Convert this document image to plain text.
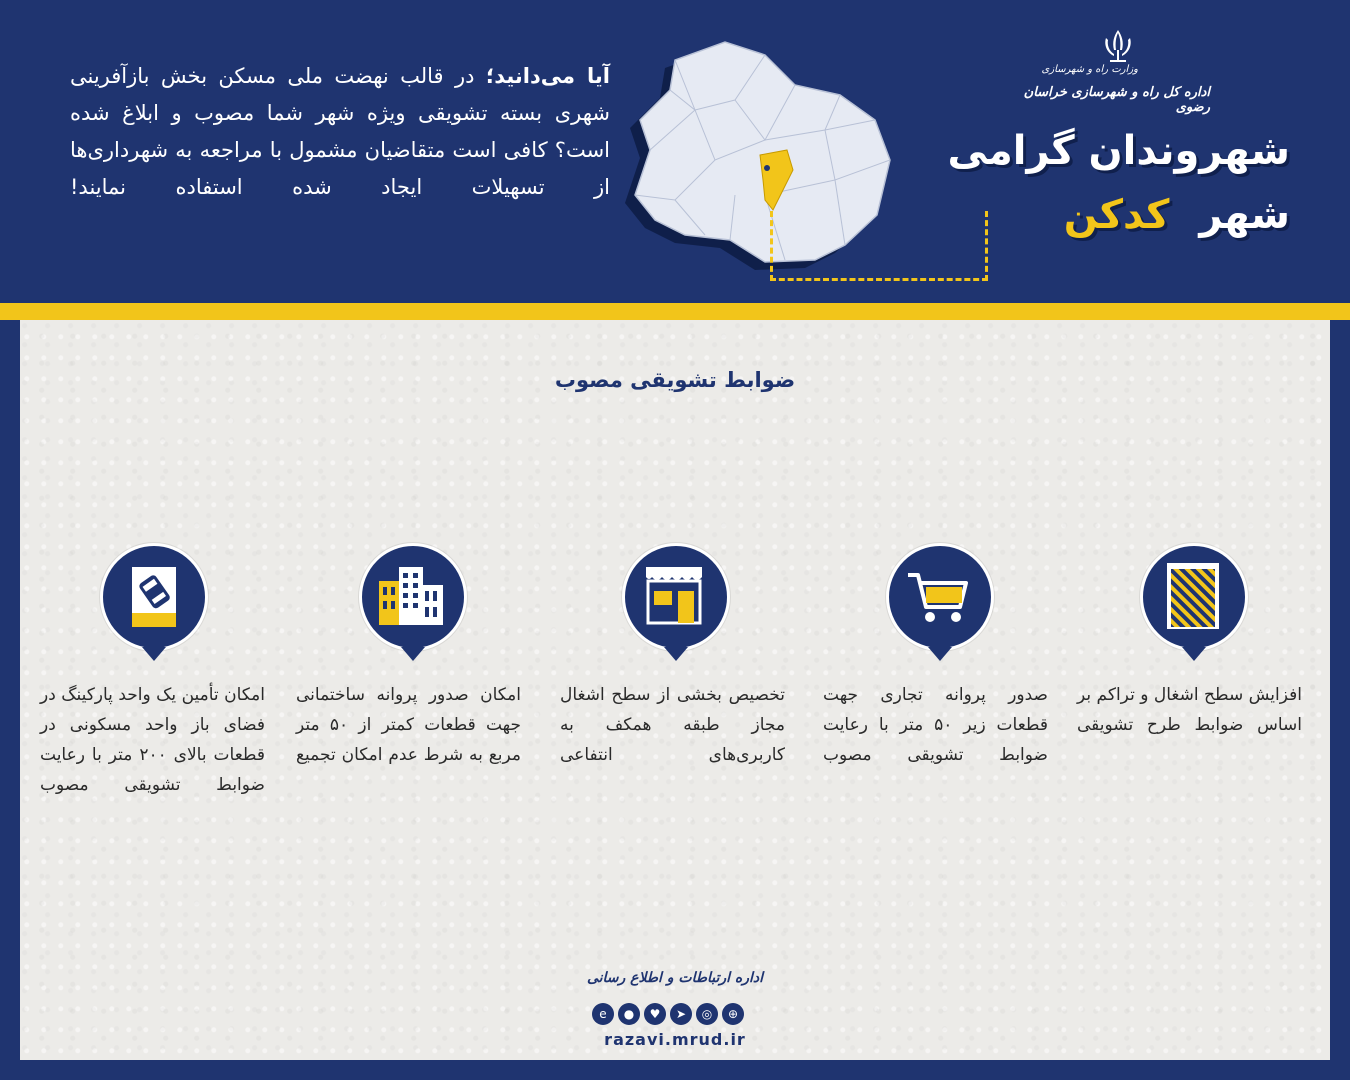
آیا می‌دانید؛ در قالب نهضت ملی مسکن بخش بازآفرینی شهری بسته تشویقی ویژه شهر شما مصوب و ابلاغ شده است؟ کافی است متقاضیان مشمول با مراجعه به شهرداری‌ها از تسهیلات ایجاد شده استفاده نمایند!
وزارت راه و شهرسازی
اداره کل راه و شهرسازی خراسان رضوی
شهروندان گرامی
شهرکدکن
ضوابط تشویقی مصوب
افزایش سطح اشغال و تراکم بر اساس ضوابط طرح تشویقی
صدور پروانه تجاری جهت قطعات زیر ۵۰ متر با رعایت ضوابط تشویقی مصوب
تخصیص بخشی از سطح اشغال مجاز طبقه همکف به کاربری‌های انتفاعی
امکان صدور پروانه ساختمانی جهت قطعات کمتر از ۵۰ متر مربع به شرط عدم امکان تجمیع
امکان تأمین یک واحد پارکینگ در فضای باز واحد مسکونی در قطعات بالای ۲۰۰ متر با رعایت ضوابط تشویقی مصوب
اداره ارتباطات و اطلاع رسانی
e	●	♥	➤	◎	⊕
razavi.mrud.ir
